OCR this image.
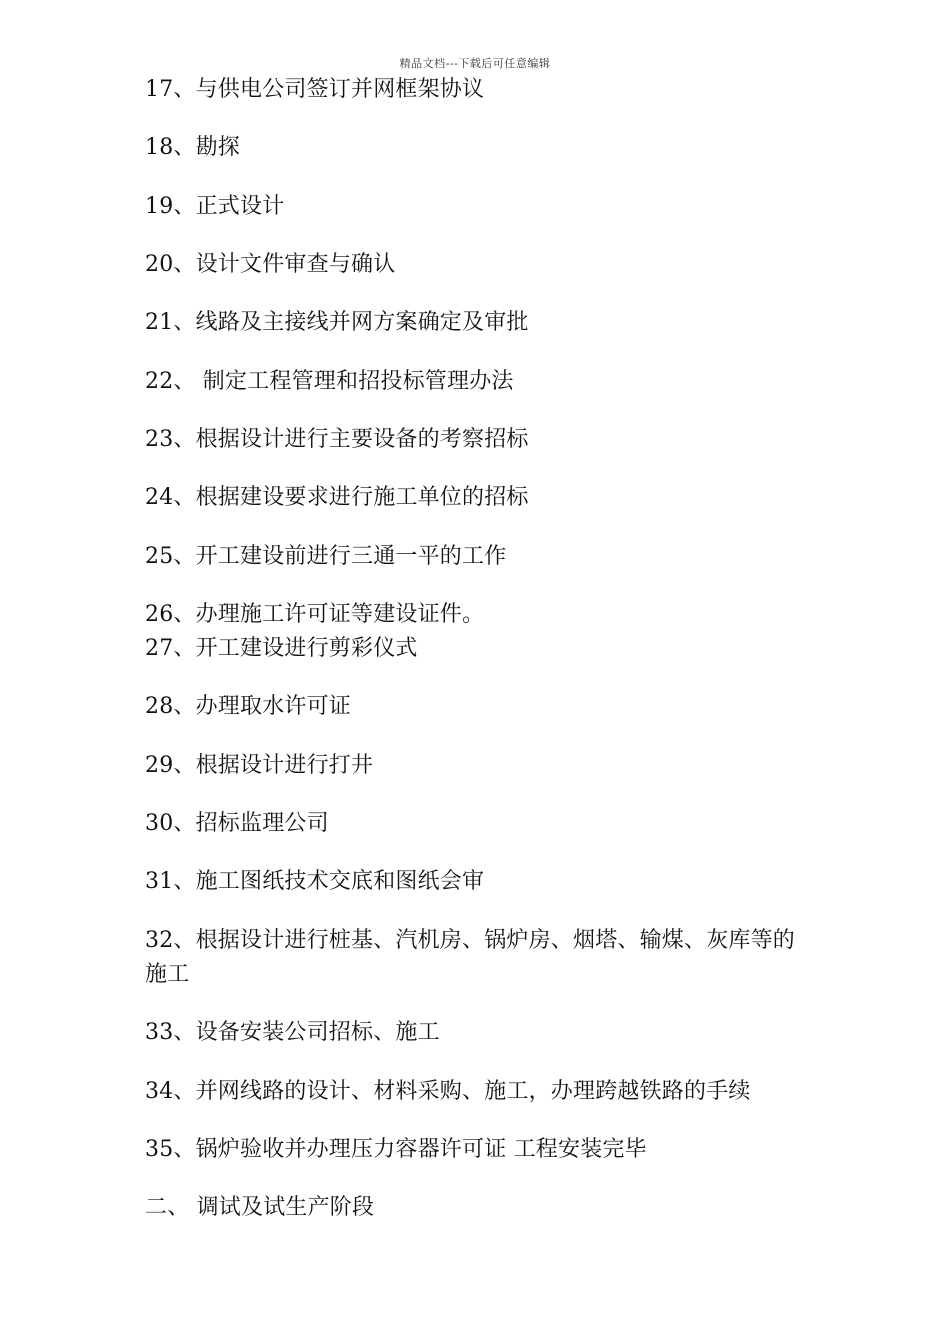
精品文档---下载后可任意编辑
17、与供电公司签订并网框架协议
18、勘探
19、正式设计
20、设计文件审查与确认
21、线路及主接线并网方案确定及审批
22、 制定工程管理和招投标管理办法
23、根据设计进行主要设备的考察招标
24、根据建设要求进行施工单位的招标
25、开工建设前进行三通一平的工作
26、办理施工许可证等建设证件。
27、开工建设进行剪彩仪式
28、办理取水许可证
29、根据设计进行打井
30、招标监理公司
31、施工图纸技术交底和图纸会审
32、根据设计进行桩基、汽机房、锅炉房、烟塔、输煤、灰库等的施工
33、设备安装公司招标、施工
34、并网线路的设计、材料采购、施工，办理跨越铁路的手续
35、锅炉验收并办理压力容器许可证 工程安装完毕
二、 调试及试生产阶段
